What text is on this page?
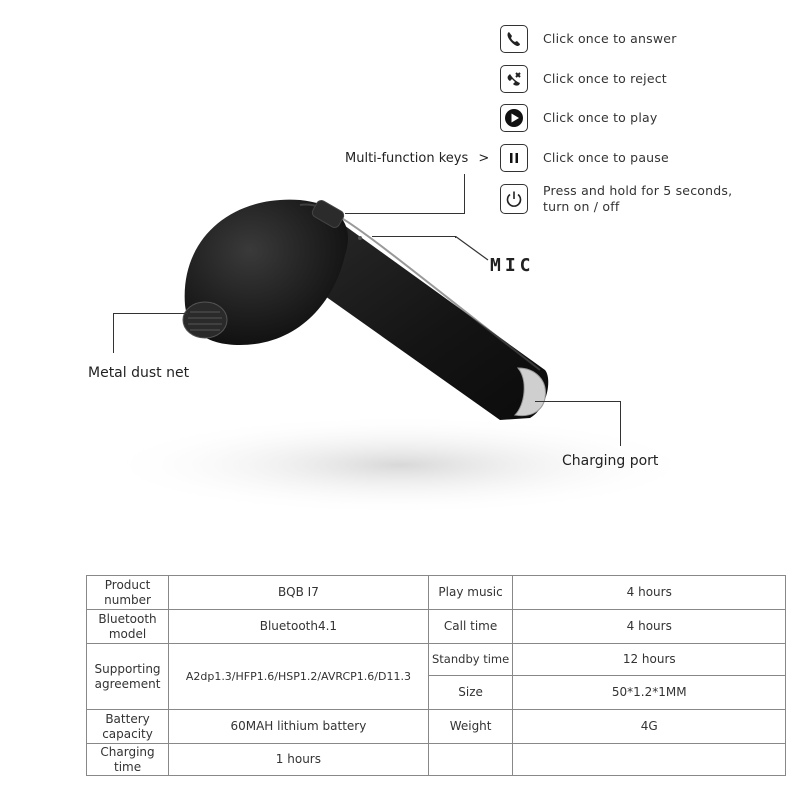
Click once to answer
Click once to reject
Click once to play
Click once to pause
Press and hold for 5 seconds,
turn on / off
Multi-function keys >
MIC
Metal dust net
Charging port
Product
number	BQB I7	Play music	4 hours

Bluetooth
model	Bluetooth4.1	Call time	4 hours

Supporting
agreement	A2dp1.3/HFP1.6/HSP1.2/AVRCP1.6/D11.3	Standby time	12 hours
		Size	50*1.2*1MM

Battery
capacity	60MAH lithium battery	Weight	4G

Charging
time	1 hours		
